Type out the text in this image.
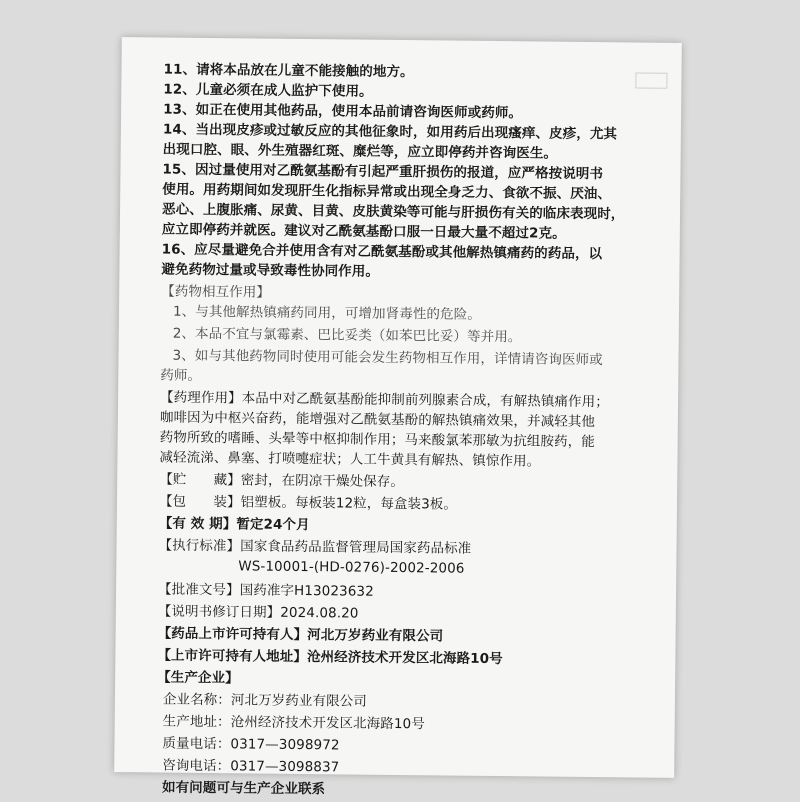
11、请将本品放在儿童不能接触的地方。
12、儿童必须在成人监护下使用。
13、如正在使用其他药品，使用本品前请咨询医师或药师。
14、当出现皮疹或过敏反应的其他征象时，如用药后出现瘙痒、皮疹，尤其
出现口腔、眼、外生殖器红斑、糜烂等，应立即停药并咨询医生。
15、因过量使用对乙酰氨基酚有引起严重肝损伤的报道，应严格按说明书
使用。用药期间如发现肝生化指标异常或出现全身乏力、食欲不振、厌油、
恶心、上腹胀痛、尿黄、目黄、皮肤黄染等可能与肝损伤有关的临床表现时，
应立即停药并就医。建议对乙酰氨基酚口服一日最大量不超过2克。
16、应尽量避免合并使用含有对乙酰氨基酚或其他解热镇痛药的药品，以
避免药物过量或导致毒性协同作用。
【药物相互作用】
1、与其他解热镇痛药同用，可增加肾毒性的危险。
2、本品不宜与氯霉素、巴比妥类（如苯巴比妥）等并用。
3、如与其他药物同时使用可能会发生药物相互作用，详情请咨询医师或
药师。
【药理作用】本品中对乙酰氨基酚能抑制前列腺素合成，有解热镇痛作用；
咖啡因为中枢兴奋药，能增强对乙酰氨基酚的解热镇痛效果，并减轻其他
药物所致的嗜睡、头晕等中枢抑制作用；马来酸氯苯那敏为抗组胺药，能
减轻流涕、鼻塞、打喷嚏症状；人工牛黄具有解热、镇惊作用。
【贮　　藏】密封，在阴凉干燥处保存。
【包　　装】铝塑板。每板装12粒，每盒装3板。
【有 效 期】暂定24个月
【执行标准】国家食品药品监督管理局国家药品标准
WS-10001-(HD-0276)-2002-2006
【批准文号】国药准字H13023632
【说明书修订日期】2024.08.20
【药品上市许可持有人】河北万岁药业有限公司
【上市许可持有人地址】沧州经济技术开发区北海路10号
【生产企业】
企业名称：河北万岁药业有限公司
生产地址：沧州经济技术开发区北海路10号
质量电话：0317—3098972
咨询电话：0317—3098837
如有问题可与生产企业联系
